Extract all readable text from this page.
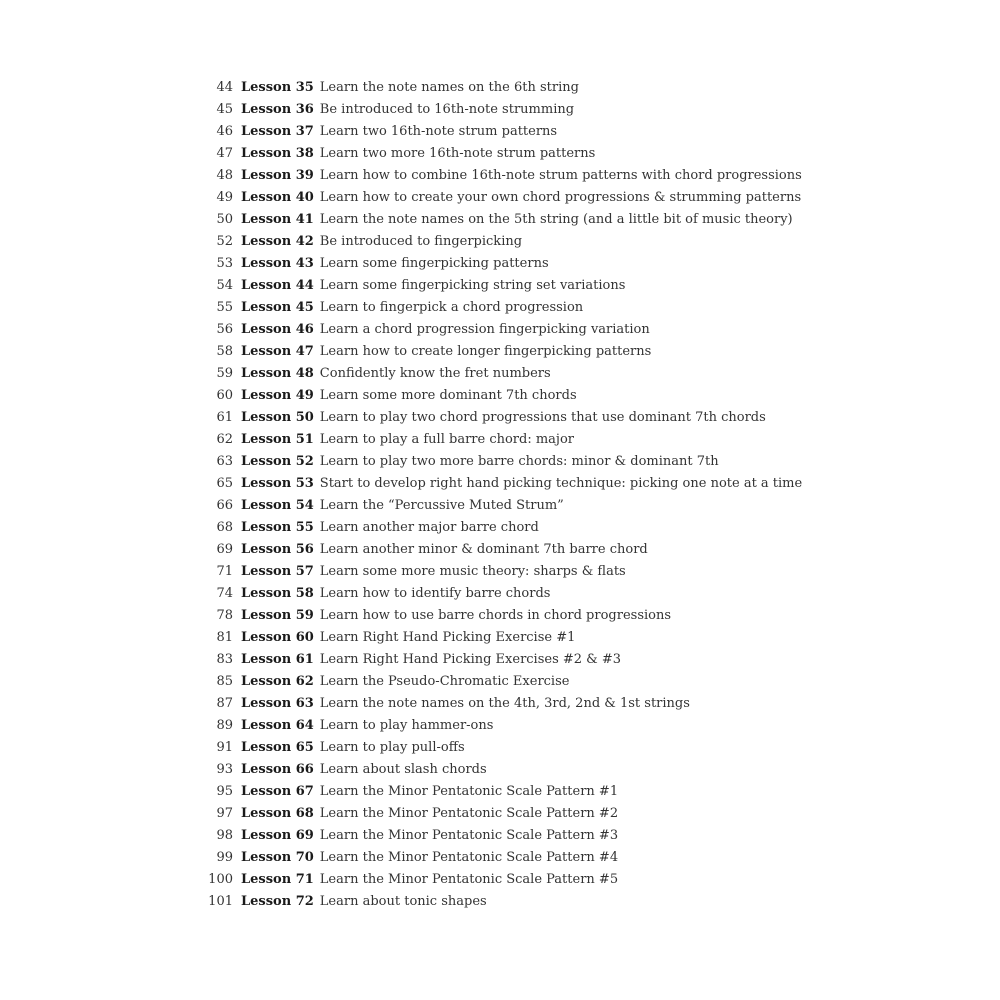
44 Lesson 35 Learn the note names on the 6th string
45 Lesson 36 Be introduced to 16th-note strumming
46 Lesson 37 Learn two 16th-note strum patterns
47 Lesson 38 Learn two more 16th-note strum patterns
48 Lesson 39 Learn how to combine 16th-note strum patterns with chord progressions
49 Lesson 40 Learn how to create your own chord progressions & strumming patterns
50 Lesson 41 Learn the note names on the 5th string (and a little bit of music theory)
52 Lesson 42 Be introduced to fingerpicking
53 Lesson 43 Learn some fingerpicking patterns
54 Lesson 44 Learn some fingerpicking string set variations
55 Lesson 45 Learn to fingerpick a chord progression
56 Lesson 46 Learn a chord progression fingerpicking variation
58 Lesson 47 Learn how to create longer fingerpicking patterns
59 Lesson 48 Confidently know the fret numbers
60 Lesson 49 Learn some more dominant 7th chords
61 Lesson 50 Learn to play two chord progressions that use dominant 7th chords
62 Lesson 51 Learn to play a full barre chord: major
63 Lesson 52 Learn to play two more barre chords: minor & dominant 7th
65 Lesson 53 Start to develop right hand picking technique: picking one note at a time
66 Lesson 54 Learn the “Percussive Muted Strum”
68 Lesson 55 Learn another major barre chord
69 Lesson 56 Learn another minor & dominant 7th barre chord
71 Lesson 57 Learn some more music theory: sharps & flats
74 Lesson 58 Learn how to identify barre chords
78 Lesson 59 Learn how to use barre chords in chord progressions
81 Lesson 60 Learn Right Hand Picking Exercise #1
83 Lesson 61 Learn Right Hand Picking Exercises #2 & #3
85 Lesson 62 Learn the Pseudo-Chromatic Exercise
87 Lesson 63 Learn the note names on the 4th, 3rd, 2nd & 1st strings
89 Lesson 64 Learn to play hammer-ons
91 Lesson 65 Learn to play pull-offs
93 Lesson 66 Learn about slash chords
95 Lesson 67 Learn the Minor Pentatonic Scale Pattern #1
97 Lesson 68 Learn the Minor Pentatonic Scale Pattern #2
98 Lesson 69 Learn the Minor Pentatonic Scale Pattern #3
99 Lesson 70 Learn the Minor Pentatonic Scale Pattern #4
100 Lesson 71 Learn the Minor Pentatonic Scale Pattern #5
101 Lesson 72 Learn about tonic shapes
